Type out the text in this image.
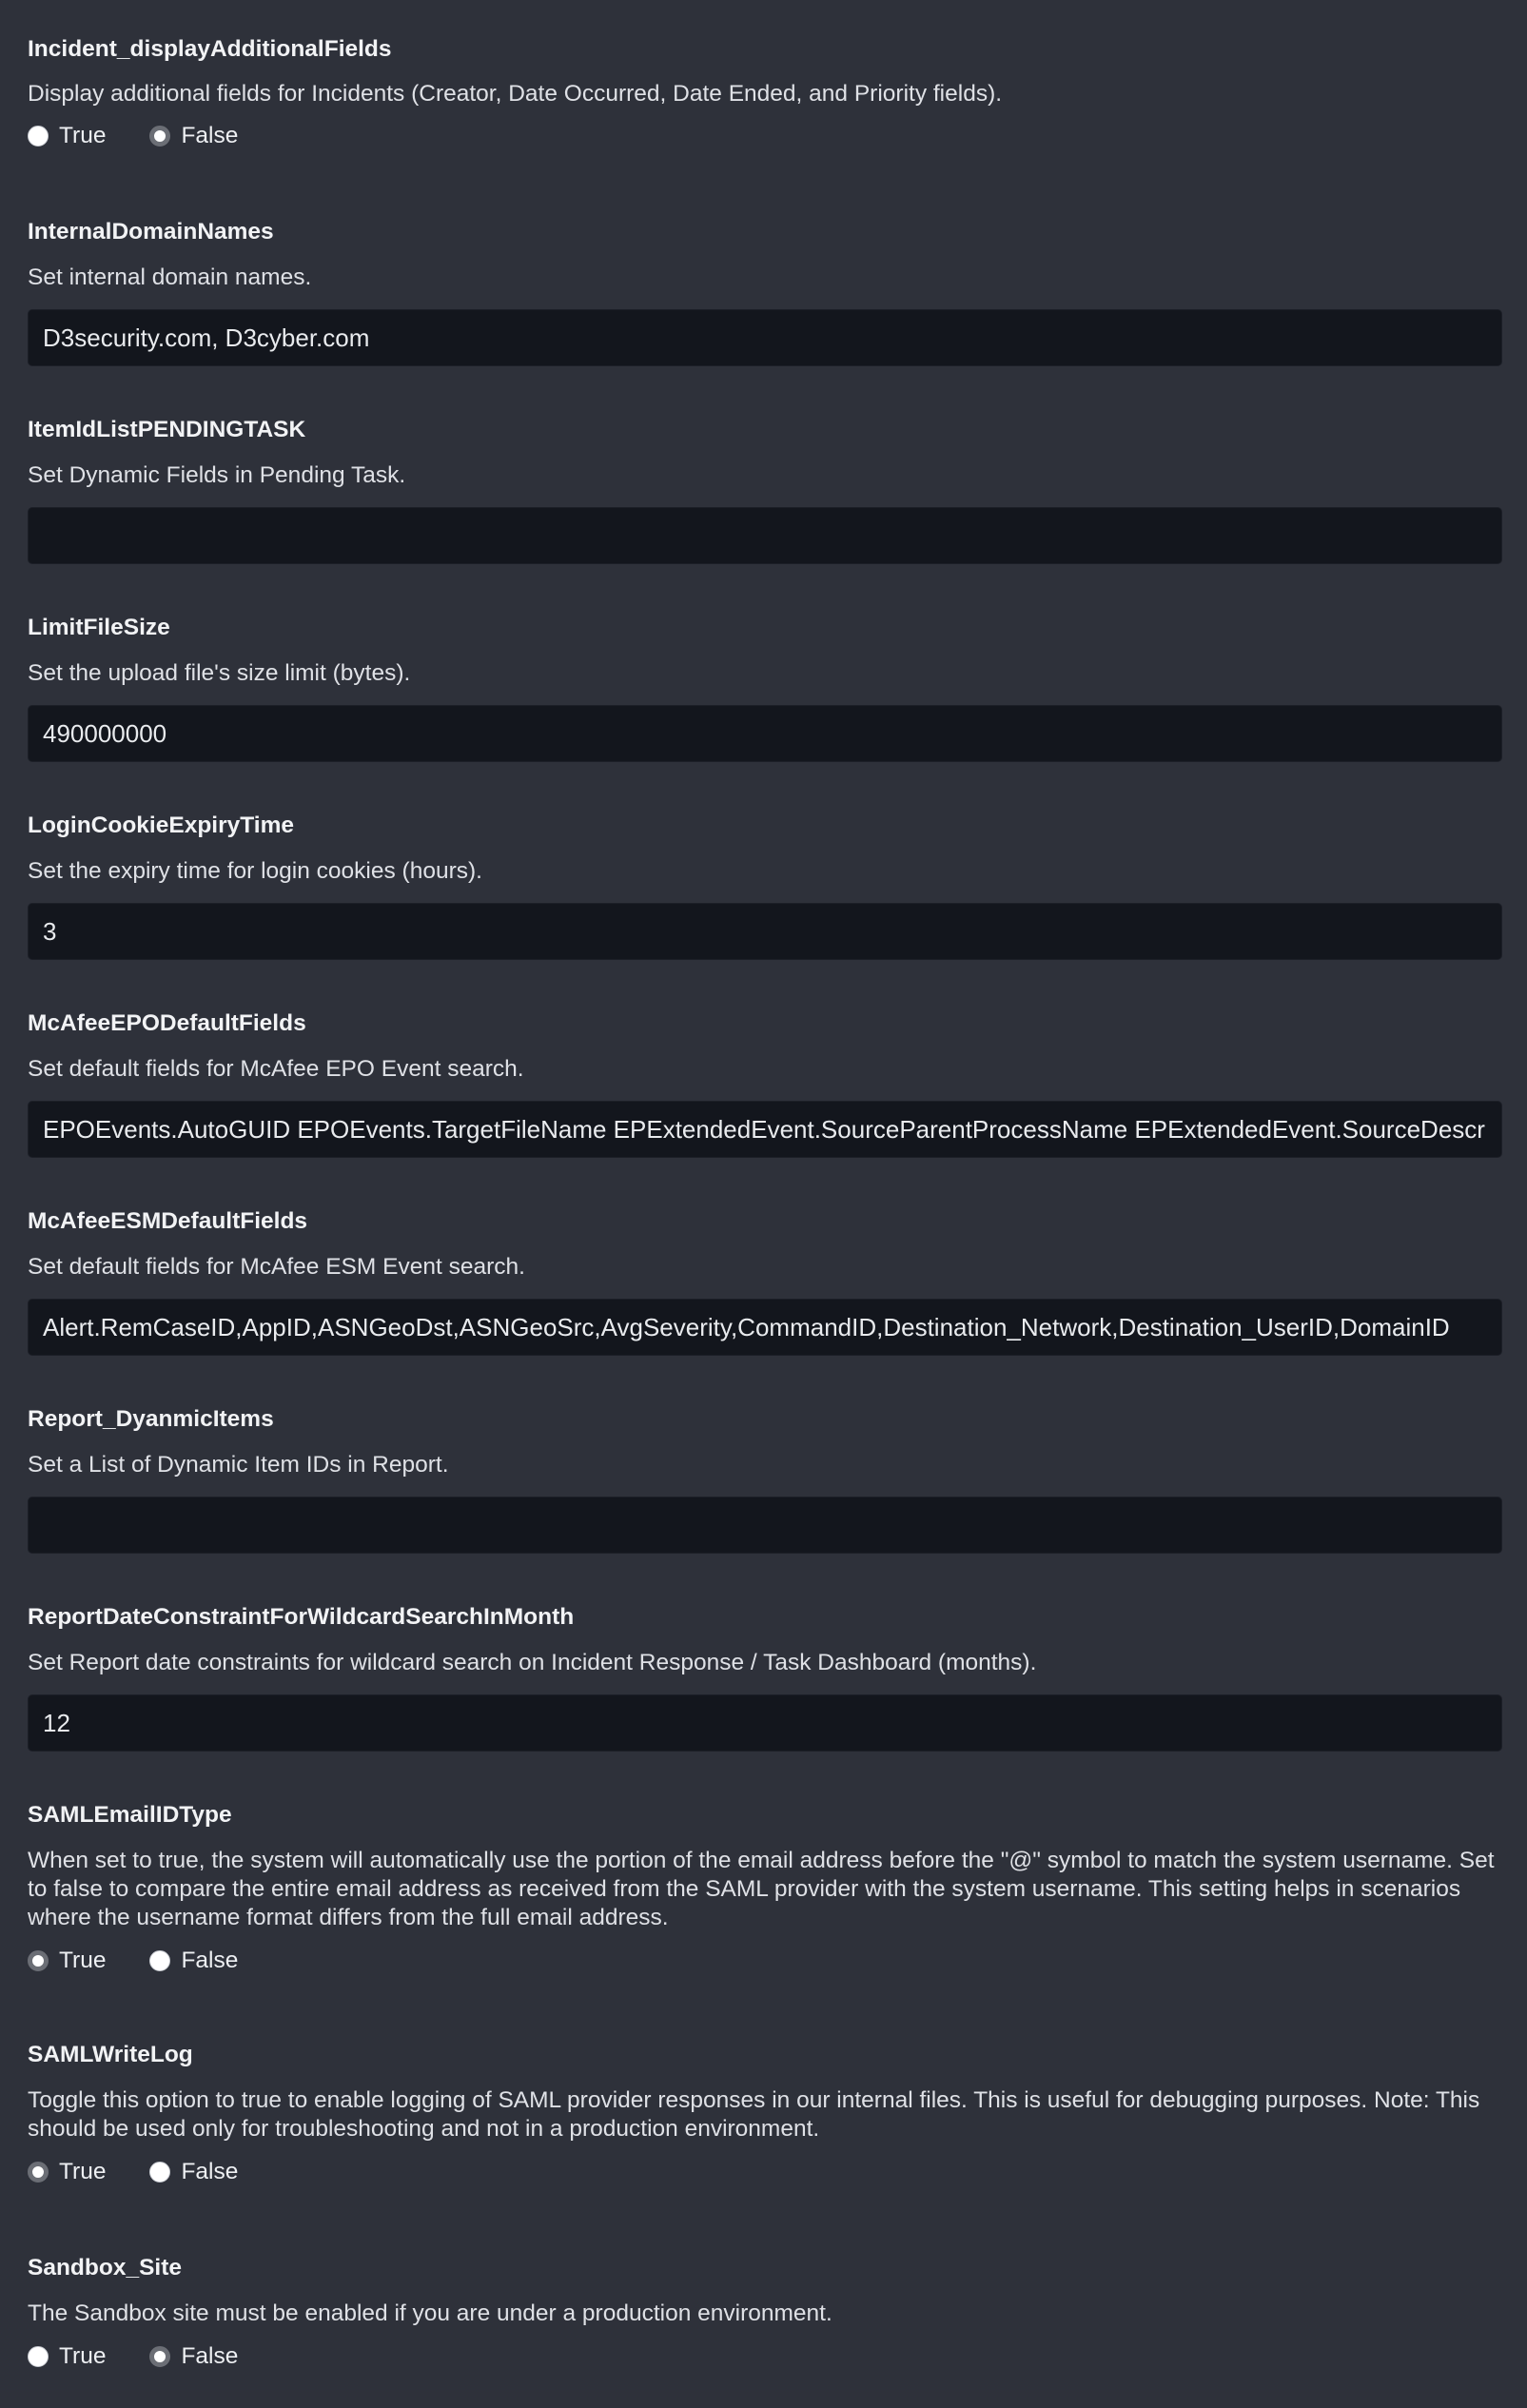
Incident_displayAdditionalFields
Display additional fields for Incidents (Creator, Date Occurred, Date Ended, and Priority fields).
True	False
InternalDomainNames
Set internal domain names.
D3security.com, D3cyber.com
ItemIdListPENDINGTASK
Set Dynamic Fields in Pending Task.
LimitFileSize
Set the upload file's size limit (bytes).
490000000
LoginCookieExpiryTime
Set the expiry time for login cookies (hours).
3
McAfeeEPODefaultFields
Set default fields for McAfee EPO Event search.
EPOEvents.AutoGUID EPOEvents.TargetFileName EPExtendedEvent.SourceParentProcessName EPExtendedEvent.SourceDescr
McAfeeESMDefaultFields
Set default fields for McAfee ESM Event search.
Alert.RemCaseID,AppID,ASNGeoDst,ASNGeoSrc,AvgSeverity,CommandID,Destination_Network,Destination_UserID,DomainID
Report_DyanmicItems
Set a List of Dynamic Item IDs in Report.
ReportDateConstraintForWildcardSearchInMonth
Set Report date constraints for wildcard search on Incident Response / Task Dashboard (months).
12
SAMLEmailIDType
When set to true, the system will automatically use the portion of the email address before the "@" symbol to match the system username. Set to false to compare the entire email address as received from the SAML provider with the system username. This setting helps in scenarios where the username format differs from the full email address.
True	False
SAMLWriteLog
Toggle this option to true to enable logging of SAML provider responses in our internal files. This is useful for debugging purposes. Note: This should be used only for troubleshooting and not in a production environment.
True	False
Sandbox_Site
The Sandbox site must be enabled if you are under a production environment.
True	False
